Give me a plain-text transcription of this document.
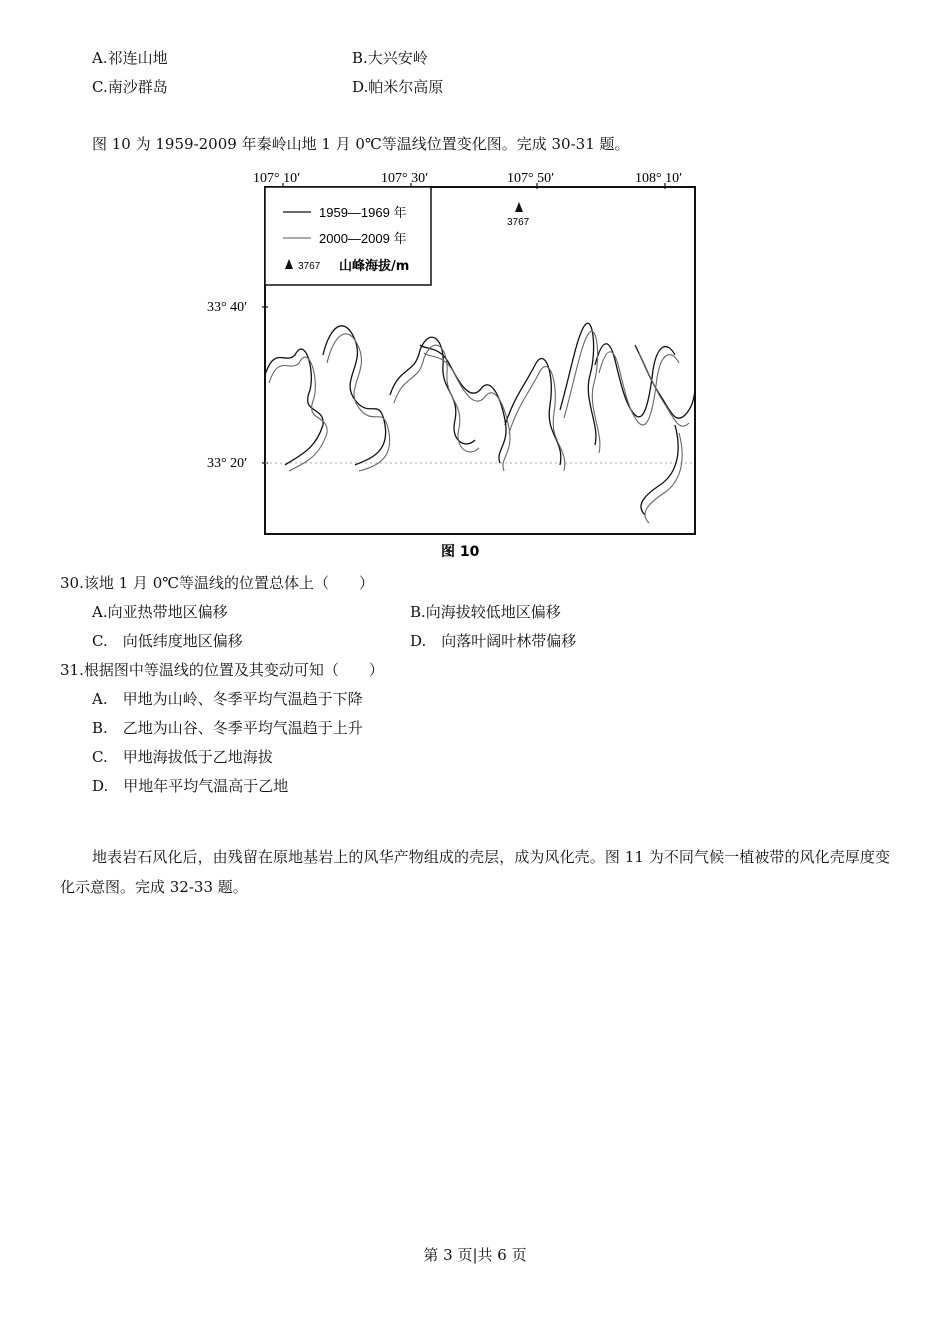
A.祁连山地	B.大兴安岭
C.南沙群岛	D.帕米尔高原
图 10 为 1959-2009 年秦岭山地 1 月 0℃等温线位置变化图。完成 30-31 题。
107° 10′	107° 30′	107° 50′	108° 10′
33° 40′
33° 20′
1959—1969 年
2000—2009 年
3767 山峰海拔/m
3767
图 10
30.该地 1 月 0℃等温线的位置总体上（　　）
A.向亚热带地区偏移	B.向海拔较低地区偏移
C.　向低纬度地区偏移	D.　向落叶阔叶林带偏移
31.根据图中等温线的位置及其变动可知（　　）
A.　甲地为山岭、冬季平均气温趋于下降
B.　乙地为山谷、冬季平均气温趋于上升
C.　甲地海拔低于乙地海拔
D.　甲地年平均气温高于乙地
地表岩石风化后，由残留在原地基岩上的风华产物组成的壳层，成为风化壳。图 11 为不同气候一植被带的风化壳厚度变化示意图。完成 32-33 题。
第 3 页|共 6 页
